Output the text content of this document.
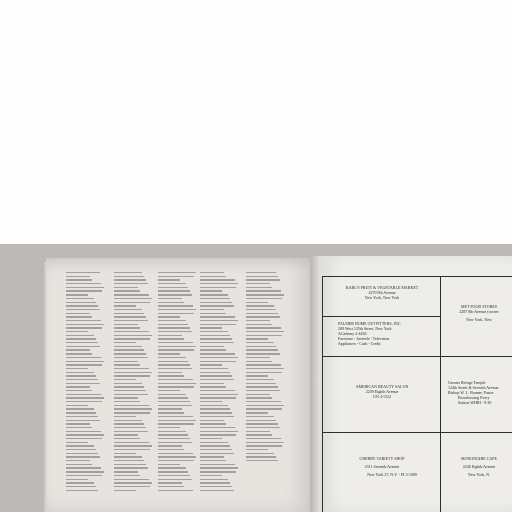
KARL'S FRUIT & VEGETABLE MARKET
2270 8th Avenue
New York, New York
MET FOOD STORES
2287 8th Avenue (corner
New York, New
PALMER HOME OUTFITTERS, INC.
208 West 125th Street, New York
ACademy 2-4436
Furniture - Juvenile - Television
Appliances - Cash - Credit
AMERICAN BEAUTY SALON
2259 Eighth Avenue
UN 4-1522
Greater Refuge Temple
124th Street & Seventh Avenue
Bishop W. L. Bonner, Pastor
Broadcasting Every
Station WHBI - 9:30
CHERRY VARIETY SHOP
2311 Seventh Avenue
New York 27, N.Y. - FI 3-1080
MONONGHIE CAFE
2240 Eighth Avenue
New York, N.
